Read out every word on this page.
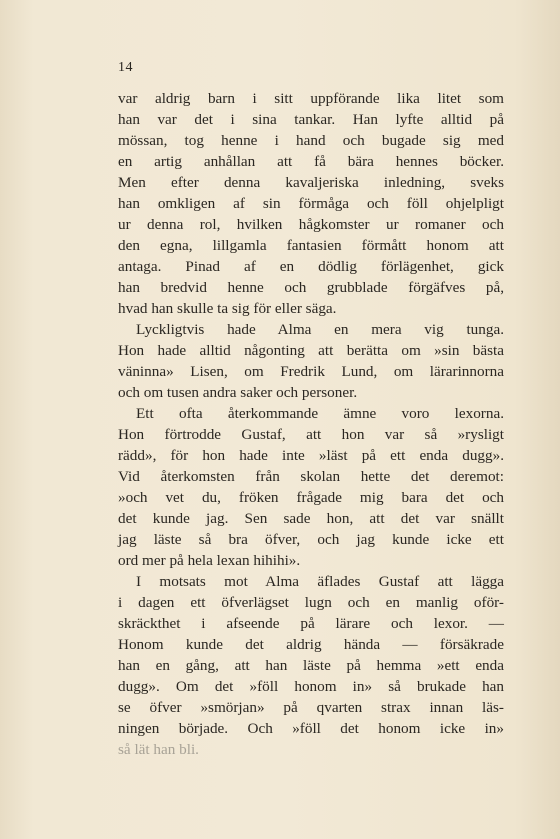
14
var aldrig barn i sitt uppförande lika litet som
han var det i sina tankar. Han lyfte alltid på
mössan, tog henne i hand och bugade sig med
en artig anhållan att få bära hennes böcker.
Men efter denna kavaljeriska inledning, sveks
han omkligen af sin förmåga och föll ohjelpligt
ur denna rol, hvilken hågkomster ur romaner och
den egna, lillgamla fantasien förmått honom att
antaga. Pinad af en dödlig förlägenhet, gick
han bredvid henne och grubblade förgäfves på,
hvad han skulle ta sig för eller säga.
Lyckligtvis hade Alma en mera vig tunga.
Hon hade alltid någonting att berätta om »sin bästa
väninna» Lisen, om Fredrik Lund, om lärarinnorna
och om tusen andra saker och personer.
Ett ofta återkommande ämne voro lexorna.
Hon förtrodde Gustaf, att hon var så »rysligt
rädd», för hon hade inte »läst på ett enda dugg».
Vid återkomsten från skolan hette det deremot:
»och vet du, fröken frågade mig bara det och
det kunde jag. Sen sade hon, att det var snällt
jag läste så bra öfver, och jag kunde icke ett
ord mer på hela lexan hihihi».
I motsats mot Alma äflades Gustaf att lägga
i dagen ett öfverlägset lugn och en manlig oför-
skräckthet i afseende på lärare och lexor. —
Honom kunde det aldrig hända — försäkrade
han en gång, att han läste på hemma »ett enda
dugg». Om det »föll honom in» så brukade han
se öfver »smörjan» på qvarten strax innan läs-
ningen började. Och »föll det honom icke in»
så lät han bli.
